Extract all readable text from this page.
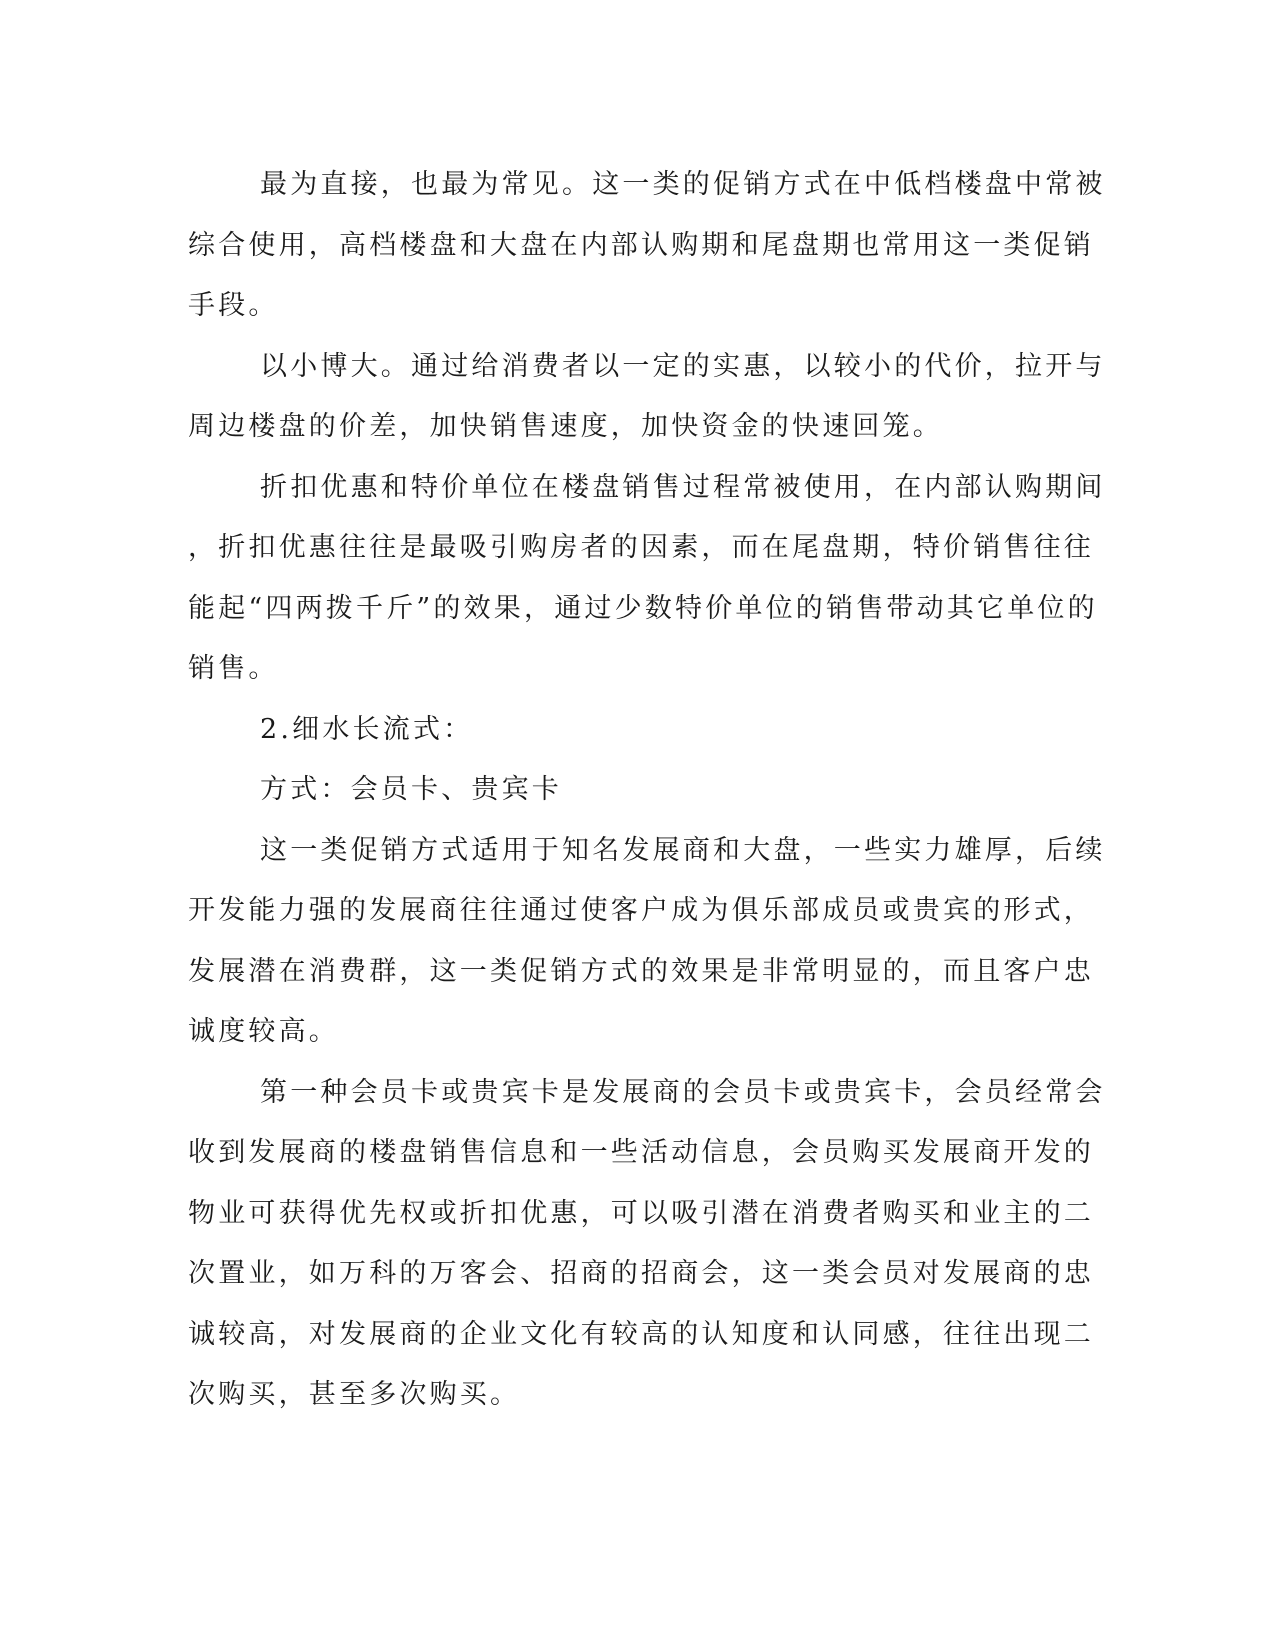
最为直接，也最为常见。这一类的促销方式在中低档楼盘中常被
综合使用，高档楼盘和大盘在内部认购期和尾盘期也常用这一类促销
手段。
以小博大。通过给消费者以一定的实惠，以较小的代价，拉开与
周边楼盘的价差，加快销售速度，加快资金的快速回笼。
折扣优惠和特价单位在楼盘销售过程常被使用，在内部认购期间
，折扣优惠往往是最吸引购房者的因素，而在尾盘期，特价销售往往
能起“四两拨千斤”的效果，通过少数特价单位的销售带动其它单位的
销售。
2.细水长流式：
方式：会员卡、贵宾卡
这一类促销方式适用于知名发展商和大盘，一些实力雄厚，后续
开发能力强的发展商往往通过使客户成为俱乐部成员或贵宾的形式，
发展潜在消费群，这一类促销方式的效果是非常明显的，而且客户忠
诚度较高。
第一种会员卡或贵宾卡是发展商的会员卡或贵宾卡，会员经常会
收到发展商的楼盘销售信息和一些活动信息，会员购买发展商开发的
物业可获得优先权或折扣优惠，可以吸引潜在消费者购买和业主的二
次置业，如万科的万客会、招商的招商会，这一类会员对发展商的忠
诚较高，对发展商的企业文化有较高的认知度和认同感，往往出现二
次购买，甚至多次购买。
